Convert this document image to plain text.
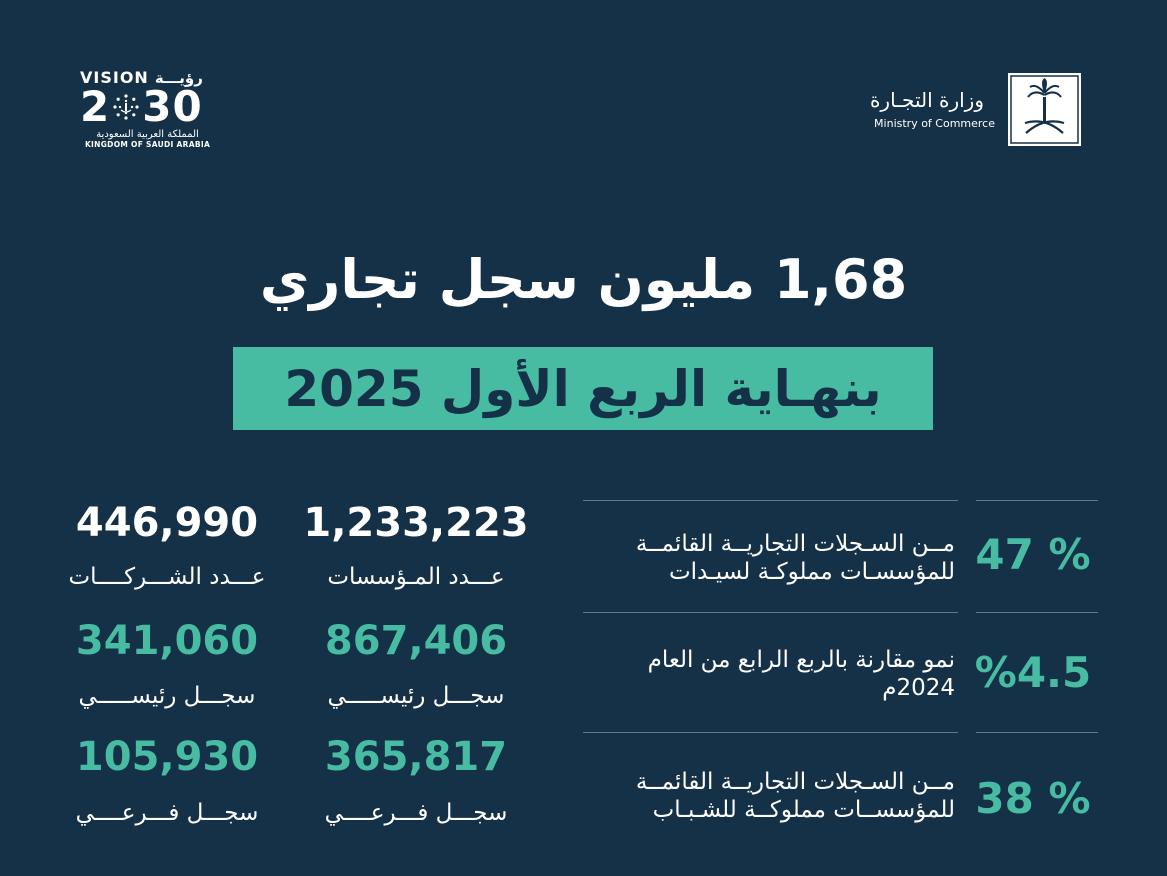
VISION رؤيـــة
2 30
المملكة العربية السعودية
KINGDOM OF SAUDI ARABIA
وزارة التجـارة
Ministry of Commerce
1,68 مليون سجل تجاري
بنهـاية الربع الأول 2025
1,233,223
عـــدد المـؤسسات
867,406
سجـــل رئيســـــي
365,817
سجـــل فـــرعــــي
446,990
عـــدد الشـــركــــات
341,060
سجـــل رئيســـــي
105,930
سجـــل فـــرعــــي
47 %
مــن السـجلات التجاريــة القائمــة
للمؤسسـات مملوكـة لسيـدات
%4.5
نمو مقارنة بالربع الرابع من العام
2024م
38 %
مــن السـجلات التجاريــة القائمــة
للمؤسســات مملوكــة للشـبـاب
